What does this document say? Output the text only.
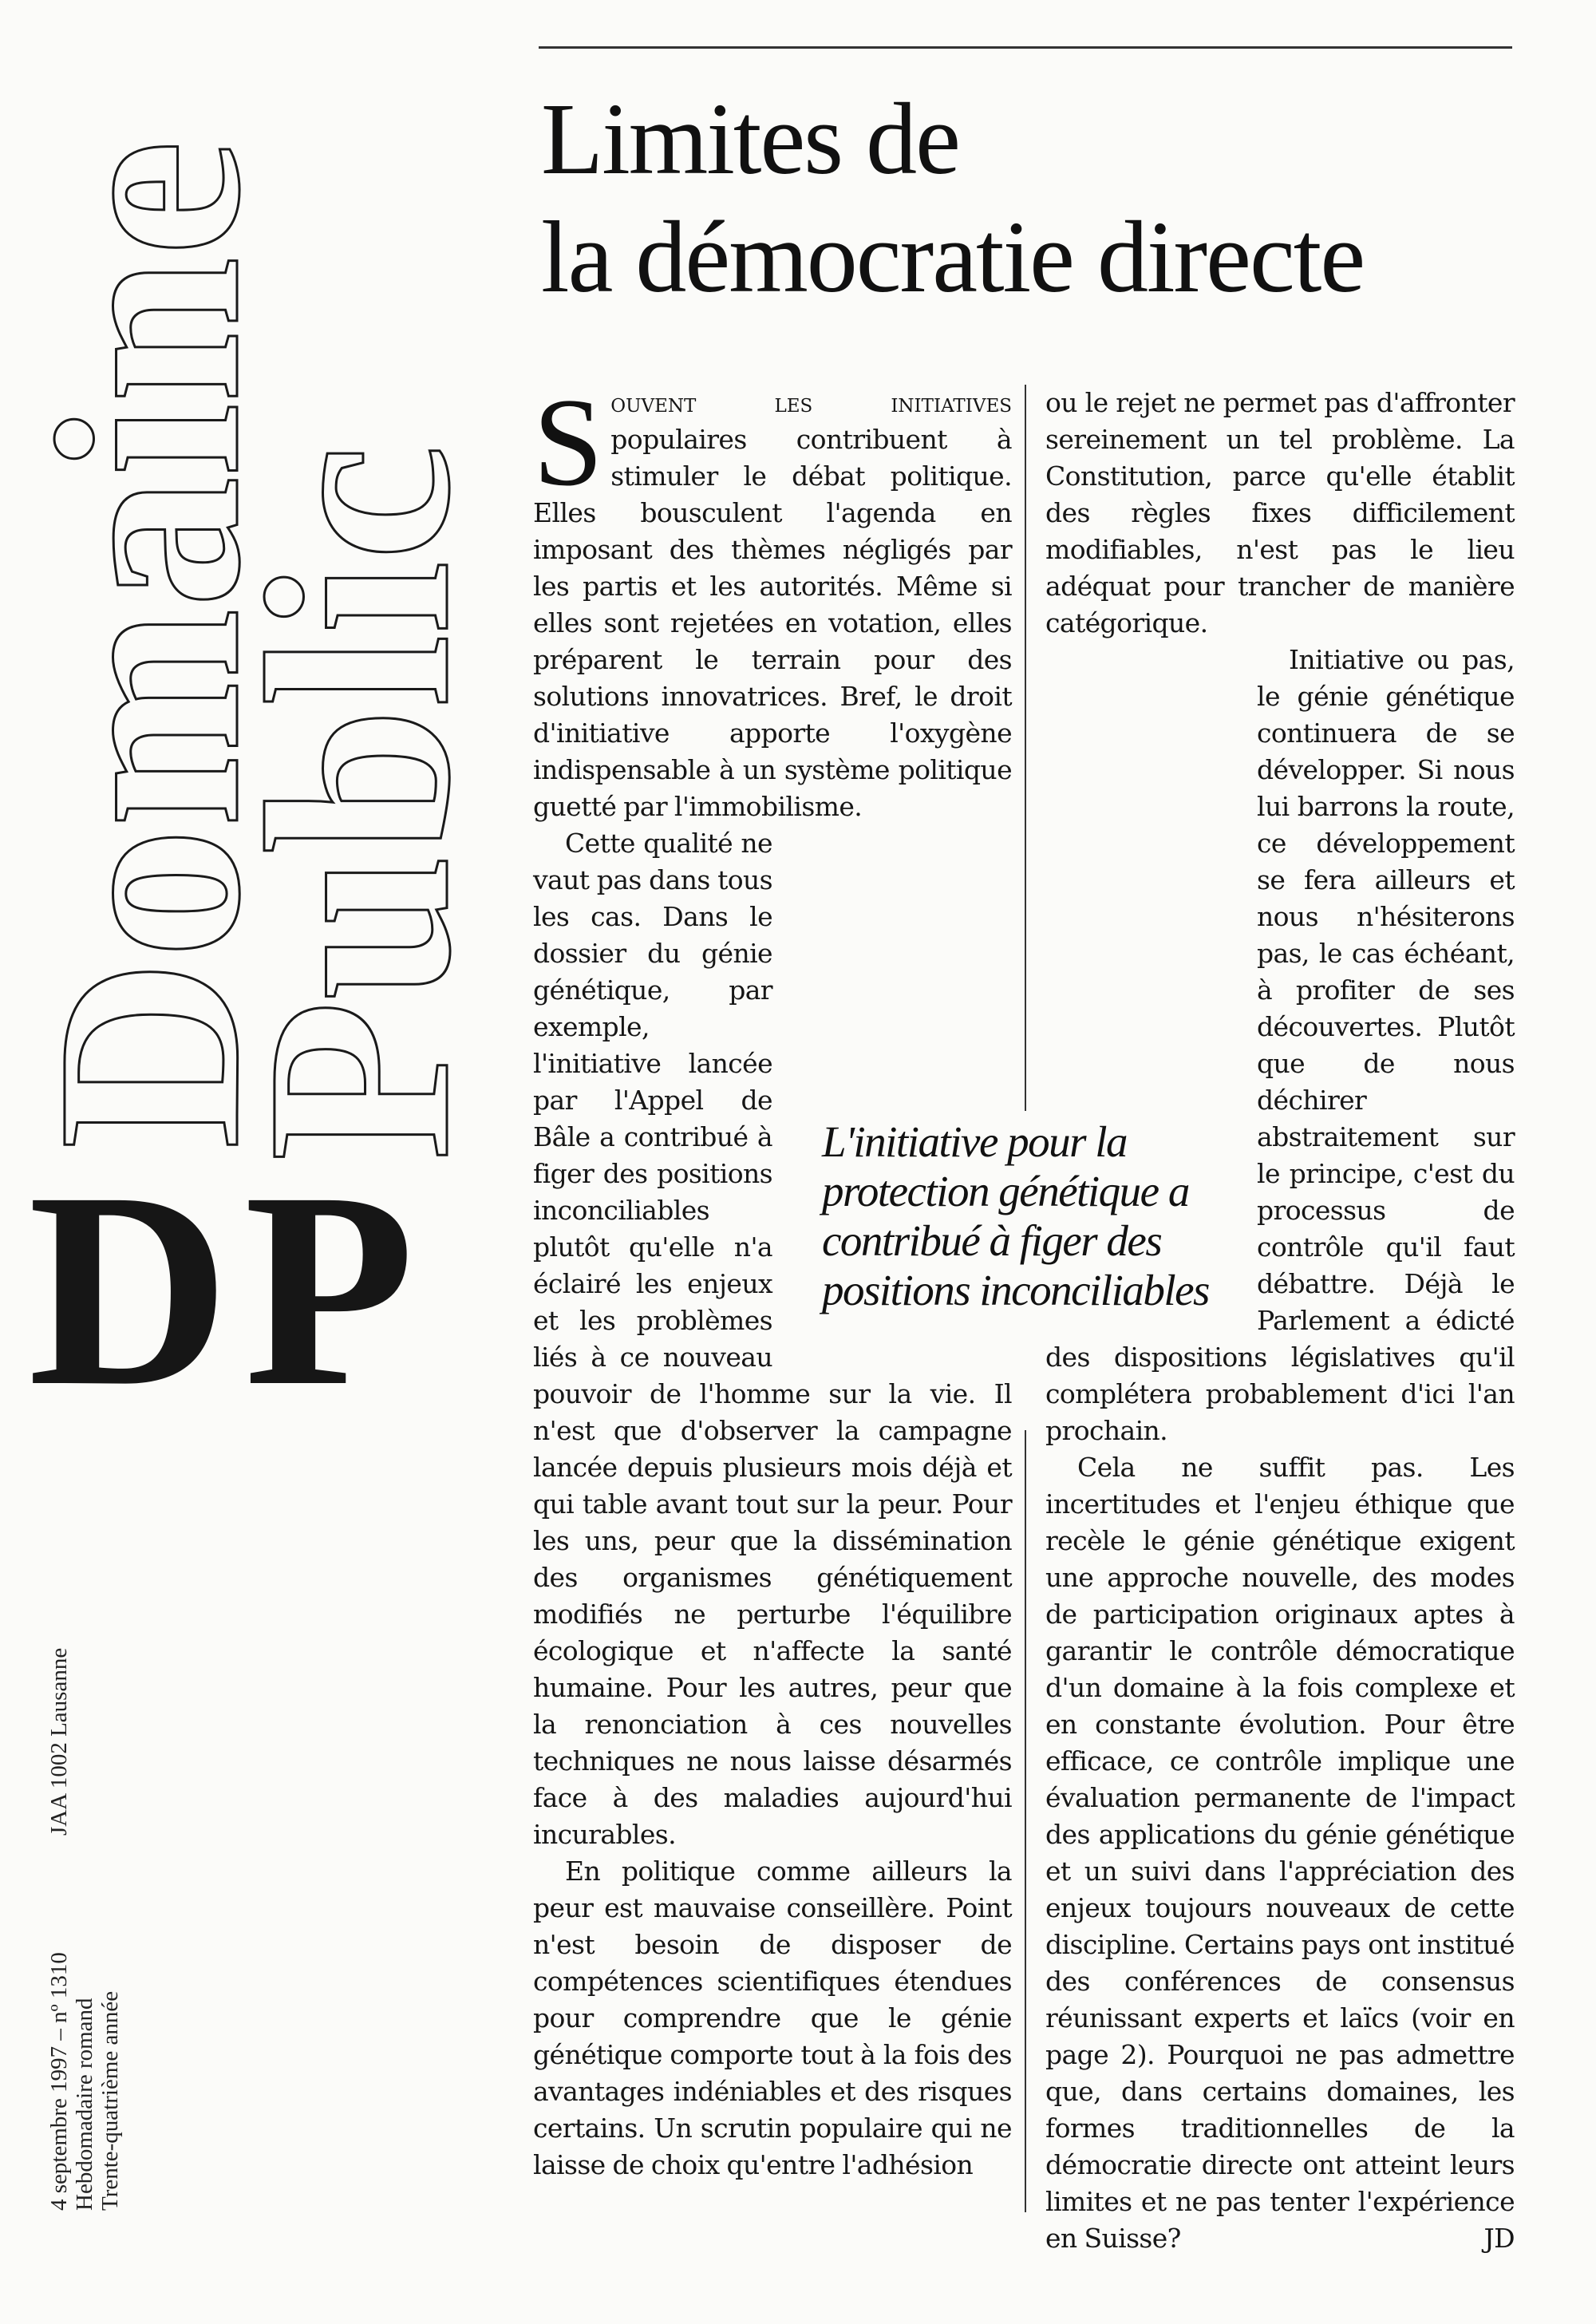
Domaine
Public
DP
4 septembre 1997 – nº 1310 Hebdomadaire romand Trente-quatrième année
JAA 1002 Lausanne
Limites de
la démocratie directe

Souvent les initiatives populaires contribuent à stimuler le débat politique. Elles bousculent l'agenda en imposant des thèmes négligés par les partis et les autorités. Même si elles sont rejetées en votation, elles préparent le terrain pour des solutions innovatrices. Bref, le droit d'initiative apporte l'oxygène indispensable à un système politique guetté par l'immobilisme.

Cette qualité ne vaut pas dans tous les cas. Dans le dossier du génie génétique, par exemple, l'initiative lancée par l'Appel de Bâle a contribué à figer des positions inconciliables plutôt qu'elle n'a éclairé les enjeux et les problèmes liés à ce nouveau pouvoir de l'homme sur la vie. Il n'est que d'observer la campagne lancée depuis plusieurs mois déjà et qui table avant tout sur la peur. Pour les uns, peur que la dissémination des organismes génétiquement modifiés ne perturbe l'équilibre écologique et n'affecte la santé humaine. Pour les autres, peur que la renonciation à ces nouvelles techniques ne nous laisse désarmés face à des maladies aujourd'hui incurables.

En politique comme ailleurs la peur est mauvaise conseillère. Point n'est besoin de disposer de compétences scientifiques étendues pour comprendre que le génie génétique comporte tout à la fois des avantages indéniables et des risques certains. Un scrutin populaire qui ne laisse de choix qu'entre l'adhésion

ou le rejet ne permet pas d'affronter sereinement un tel problème. La Constitution, parce qu'elle établit des règles fixes difficilement modifiables, n'est pas le lieu adéquat pour trancher de manière catégorique.

Initiative ou pas, le génie génétique continuera de se développer. Si nous lui barrons la route, ce développement se fera ailleurs et nous n'hésiterons pas, le cas échéant, à profiter de ses découvertes. Plutôt que de nous déchirer abstraitement sur le principe, c'est du processus de contrôle qu'il faut débattre. Déjà le Parlement a édicté des dispositions législatives qu'il complétera probablement d'ici l'an prochain.

Cela ne suffit pas. Les incertitudes et l'enjeu éthique que recèle le génie génétique exigent une approche nouvelle, des modes de participation originaux aptes à garantir le contrôle démocratique d'un domaine à la fois complexe et en constante évolution. Pour être efficace, ce contrôle implique une évaluation permanente de l'impact des applications du génie génétique et un suivi dans l'appréciation des enjeux toujours nouveaux de cette discipline. Certains pays ont institué des conférences de consensus réunissant experts et laïcs (voir en page 2). Pourquoi ne pas admettre que, dans certains domaines, les formes traditionnelles de la démocratie directe ont atteint leurs limites et ne pas tenter l'expérience en Suisse?	JD

L'initiative pour la protection génétique a contribué à figer des positions inconciliables
